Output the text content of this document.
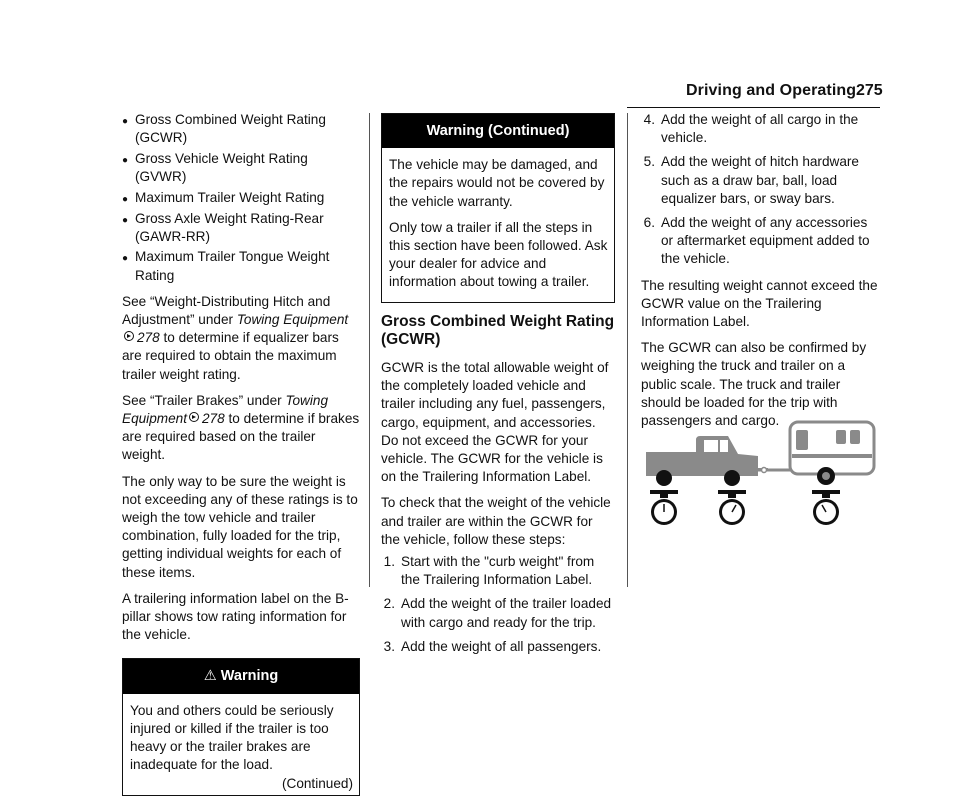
Driving and Operating 275
● Gross Combined Weight Rating (GCWR)
● Gross Vehicle Weight Rating (GVWR)
● Maximum Trailer Weight Rating
● Gross Axle Weight Rating-Rear (GAWR-RR)
● Maximum Trailer Tongue Weight Rating

See “Weight-Distributing Hitch and Adjustment” under Towing Equipment278 to determine if equalizer bars are required to obtain the maximum trailer weight rating.

See “Trailer Brakes” under Towing Equipment 278 to determine if brakes are required based on the trailer weight.

The only way to be sure the weight is not exceeding any of these ratings is to weigh the tow vehicle and trailer combination, fully loaded for the trip, getting individual weights for each of these items.

A trailering information label on the B-pillar shows tow rating information for the vehicle.

⚠ Warning

You and others could be seriously injured or killed if the trailer is too heavy or the trailer brakes are inadequate for the load.

(Continued)
Warning (Continued)

The vehicle may be damaged, and the repairs would not be covered by the vehicle warranty.

Only tow a trailer if all the steps in this section have been followed. Ask your dealer for advice and information about towing a trailer.

Gross Combined Weight Rating (GCWR)

GCWR is the total allowable weight of the completely loaded vehicle and trailer including any fuel, passengers, cargo, equipment, and accessories. Do not exceed the GCWR for your vehicle. The GCWR for the vehicle is on the Trailering Information Label.

To check that the weight of the vehicle and trailer are within the GCWR for the vehicle, follow these steps:

1. Start with the "curb weight" from the Trailering Information Label.
2. Add the weight of the trailer loaded with cargo and ready for the trip.
3. Add the weight of all passengers.
4. Add the weight of all cargo in the vehicle.
5. Add the weight of hitch hardware such as a draw bar, ball, load equalizer bars, or sway bars.
6. Add the weight of any accessories or aftermarket equipment added to the vehicle.

The resulting weight cannot exceed the GCWR value on the Trailering Information Label.

The GCWR can also be confirmed by weighing the truck and trailer on a public scale. The truck and trailer should be loaded for the trip with passengers and cargo.
